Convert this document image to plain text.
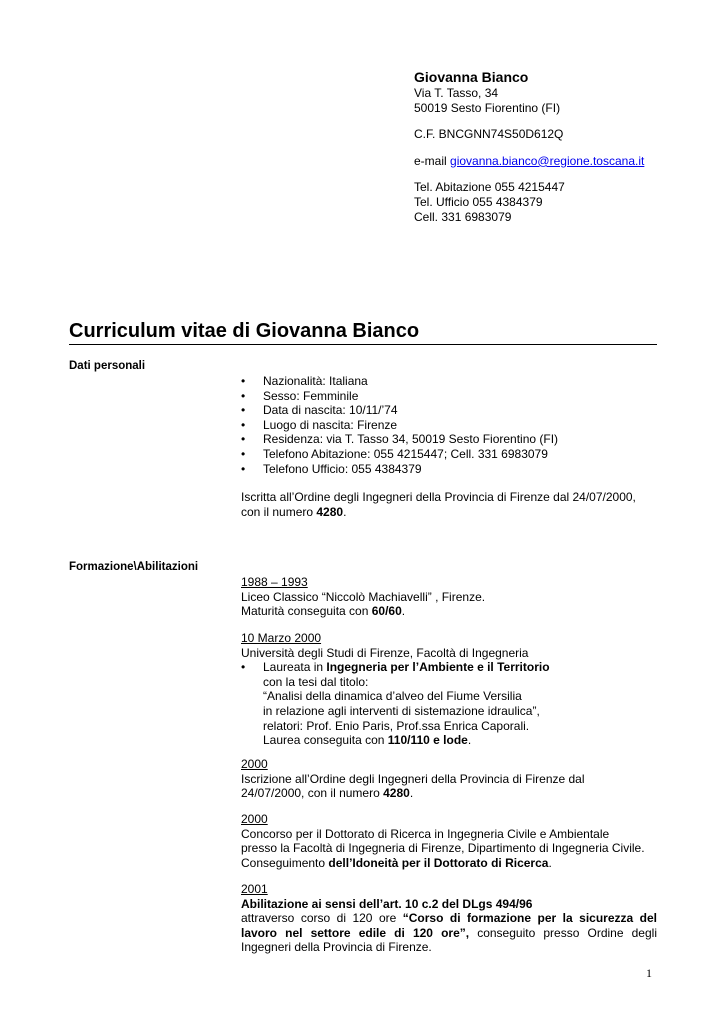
Giovanna Bianco
Via T. Tasso, 34
50019 Sesto Fiorentino (FI)
C.F. BNCGNN74S50D612Q
e-mail giovanna.bianco@regione.toscana.it
Tel. Abitazione 055 4215447
Tel. Ufficio 055 4384379
Cell. 331 6983079
Curriculum vitae di Giovanna Bianco
Dati personali
• Nazionalità: Italiana
• Sesso: Femminile
• Data di nascita: 10/11/’74
• Luogo di nascita: Firenze
• Residenza: via T. Tasso 34, 50019 Sesto Fiorentino (FI)
• Telefono Abitazione: 055 4215447; Cell. 331 6983079
• Telefono Ufficio: 055 4384379
Iscritta all’Ordine degli Ingegneri della Provincia di Firenze dal 24/07/2000,
con il numero 4280.
Formazione\Abilitazioni
1988 – 1993
Liceo Classico “Niccolò Machiavelli” , Firenze.
Maturità conseguita con 60/60.
10 Marzo 2000
Università degli Studi di Firenze, Facoltà di Ingegneria
• Laureata in Ingegneria per l’Ambiente e il Territorio
con la tesi dal titolo:
“Analisi della dinamica d’alveo del Fiume Versilia
in relazione agli interventi di sistemazione idraulica”,
relatori: Prof. Enio Paris, Prof.ssa Enrica Caporali.
Laurea conseguita con 110/110 e lode.
2000
Iscrizione all’Ordine degli Ingegneri della Provincia di Firenze dal
24/07/2000, con il numero 4280.
2000
Concorso per il Dottorato di Ricerca in Ingegneria Civile e Ambientale
presso la Facoltà di Ingegneria di Firenze, Dipartimento di Ingegneria Civile.
Conseguimento dell’Idoneità per il Dottorato di Ricerca.
2001
Abilitazione ai sensi dell’art. 10 c.2 del DLgs 494/96
attraverso corso di 120 ore “Corso di formazione per la sicurezza del lavoro nel settore edile di 120 ore”, conseguito presso Ordine degli Ingegneri della Provincia di Firenze.
1
